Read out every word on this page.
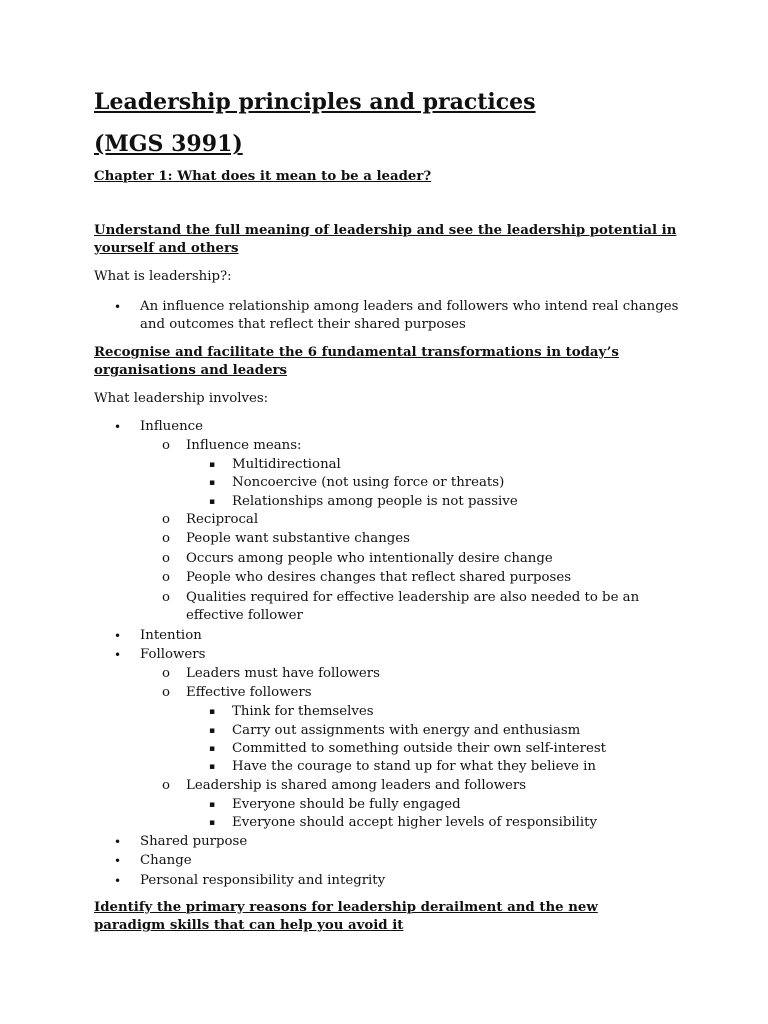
Leadership principles and practices
(MGS 3991)
Chapter 1: What does it mean to be a leader?

Understand the full meaning of leadership and see the leadership potential in yourself and others

What is leadership?:

• An influence relationship among leaders and followers who intend real changes and outcomes that reflect their shared purposes

Recognise and facilitate the 6 fundamental transformations in today’s organisations and leaders

What leadership involves:

• Influence
o Influence means:
▪ Multidirectional
▪ Noncoercive (not using force or threats)
▪ Relationships among people is not passive
o Reciprocal
o People want substantive changes
o Occurs among people who intentionally desire change
o People who desires changes that reflect shared purposes
o Qualities required for effective leadership are also needed to be an effective follower
• Intention
• Followers
o Leaders must have followers
o Effective followers
▪ Think for themselves
▪ Carry out assignments with energy and enthusiasm
▪ Committed to something outside their own self-interest
▪ Have the courage to stand up for what they believe in
o Leadership is shared among leaders and followers
▪ Everyone should be fully engaged
▪ Everyone should accept higher levels of responsibility
• Shared purpose
• Change
• Personal responsibility and integrity

Identify the primary reasons for leadership derailment and the new paradigm skills that can help you avoid it
